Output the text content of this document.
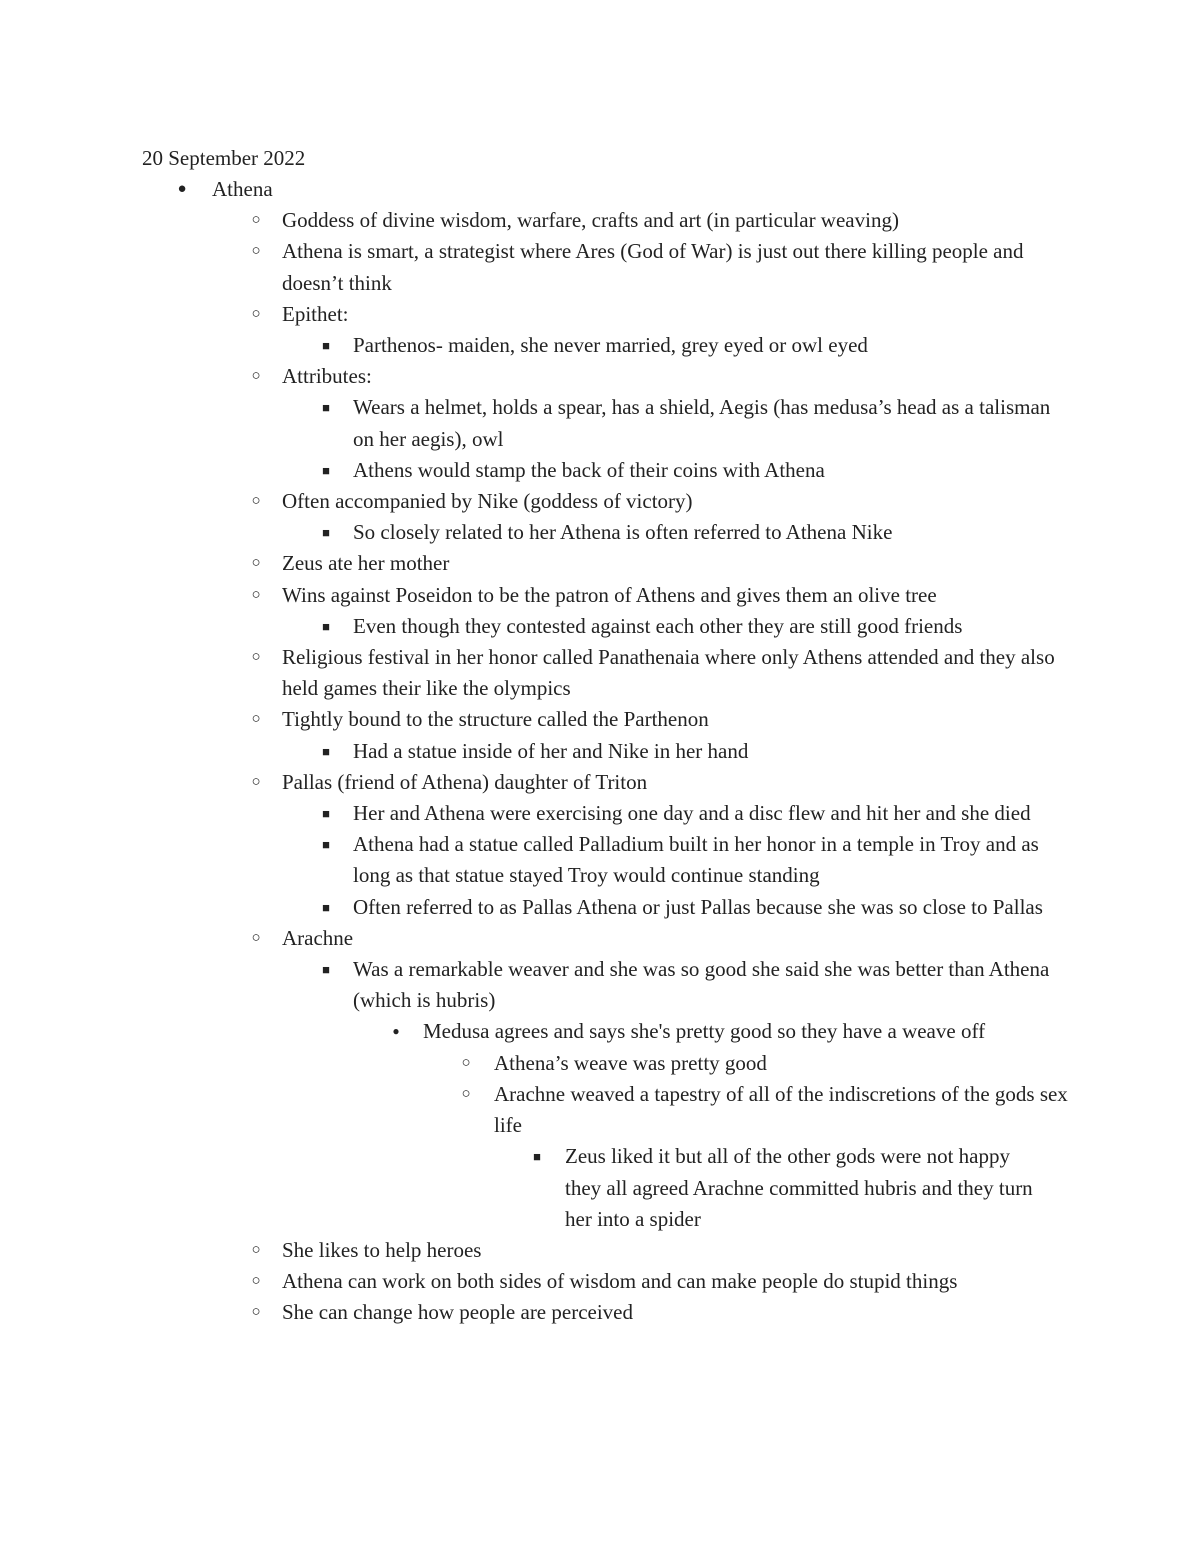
20 September 2022
● Athena
○ Goddess of divine wisdom, warfare, crafts and art (in particular weaving)
○ Athena is smart, a strategist where Ares (God of War) is just out there killing people and doesn’t think
○ Epithet:
■ Parthenos- maiden, she never married, grey eyed or owl eyed
○ Attributes:
■ Wears a helmet, holds a spear, has a shield, Aegis (has medusa’s head as a talisman on her aegis), owl
■ Athens would stamp the back of their coins with Athena
○ Often accompanied by Nike (goddess of victory)
■ So closely related to her Athena is often referred to Athena Nike
○ Zeus ate her mother
○ Wins against Poseidon to be the patron of Athens and gives them an olive tree
■ Even though they contested against each other they are still good friends
○ Religious festival in her honor called Panathenaia where only Athens attended and they also held games their like the olympics
○ Tightly bound to the structure called the Parthenon
■ Had a statue inside of her and Nike in her hand
○ Pallas (friend of Athena) daughter of Triton
■ Her and Athena were exercising one day and a disc flew and hit her and she died
■ Athena had a statue called Palladium built in her honor in a temple in Troy and as long as that statue stayed Troy would continue standing
■ Often referred to as Pallas Athena or just Pallas because she was so close to Pallas
○ Arachne
■ Was a remarkable weaver and she was so good she said she was better than Athena (which is hubris)
●	Medusa agrees and says she's pretty good so they have a weave off
○ Athena’s weave was pretty good
○ Arachne weaved a tapestry of all of the indiscretions of the gods sex life
■ Zeus liked it but all of the other gods were not happy they all agreed Arachne committed hubris and they turn her into a spider
○ She likes to help heroes
○ Athena can work on both sides of wisdom and can make people do stupid things
○ She can change how people are perceived
